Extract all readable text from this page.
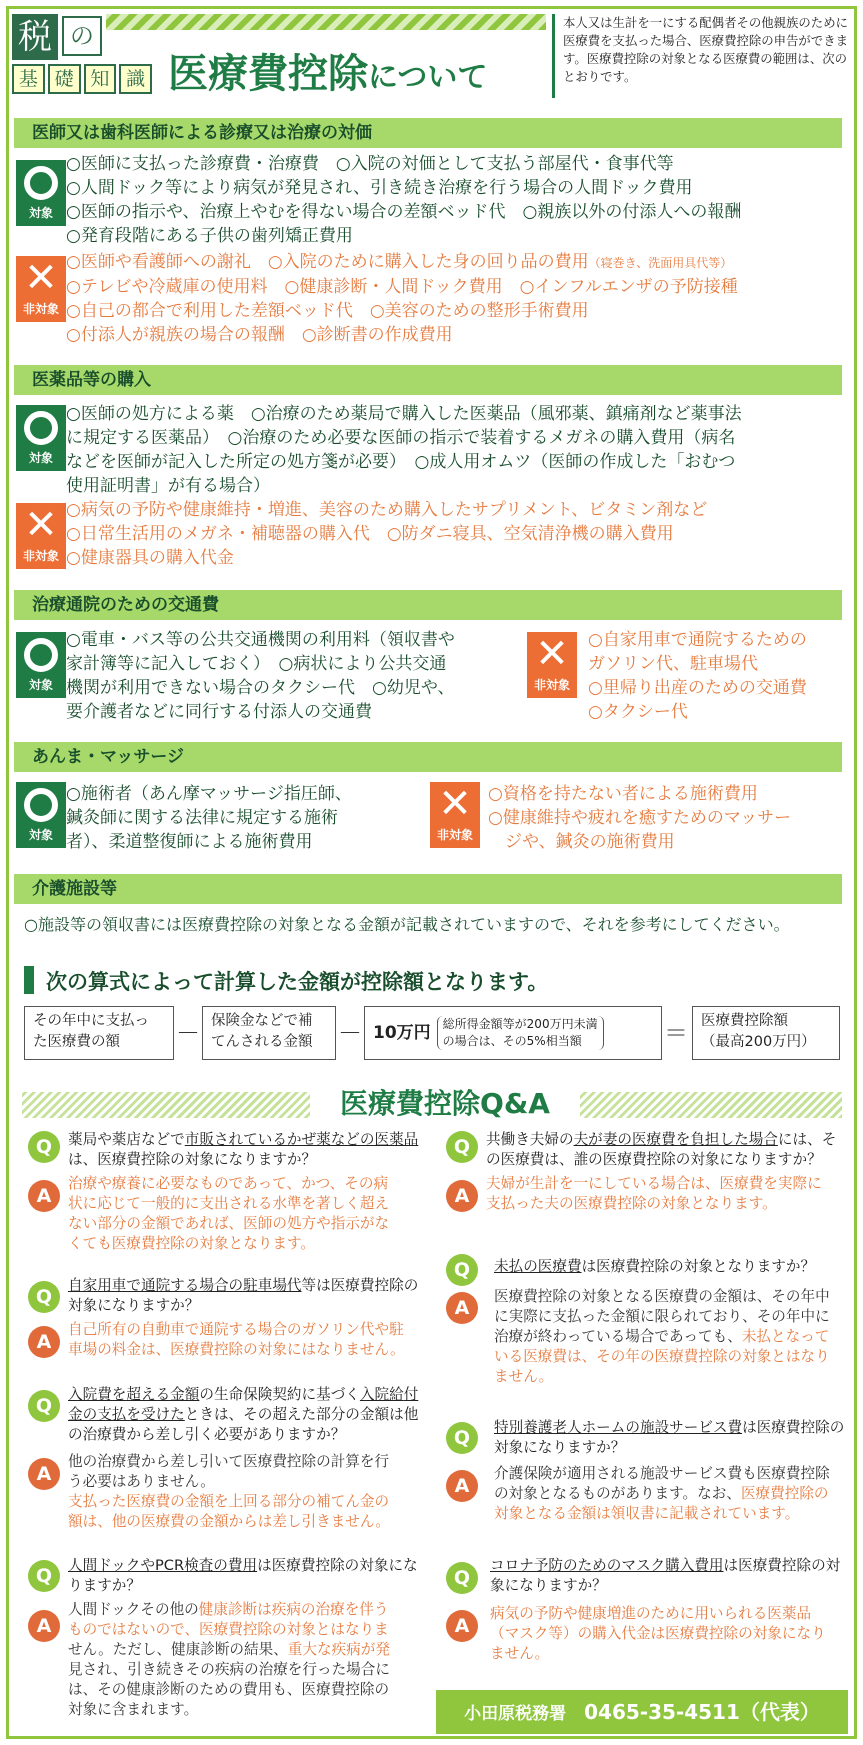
税 の
基 礎 知 識 医療費控除について
本人又は生計を一にする配偶者その他親族のために医療費を支払った場合、医療費控除の申告ができます。医療費控除の対象となる医療費の範囲は、次のとおりです。
医師又は歯科医師による診療又は治療の対価
対象
○医師に支払った診療費・治療費　○入院の対価として支払う部屋代・食事代等
○人間ドック等により病気が発見され、引き続き治療を行う場合の人間ドック費用
○医師の指示や、治療上やむを得ない場合の差額ベッド代　○親族以外の付添人への報酬
○発育段階にある子供の歯列矯正費用
✕
非対象
○医師や看護師への謝礼　○入院のために購入した身の回り品の費用（寝巻き、洗面用具代等）
○テレビや冷蔵庫の使用料　○健康診断・人間ドック費用　○インフルエンザの予防接種
○自己の都合で利用した差額ベッド代　○美容のための整形手術費用
○付添人が親族の場合の報酬　○診断書の作成費用
医薬品等の購入
対象
○医師の処方による薬　○治療のため薬局で購入した医薬品（風邪薬、鎮痛剤など薬事法
に規定する医薬品）　○治療のため必要な医師の指示で装着するメガネの購入費用（病名
などを医師が記入した所定の処方箋が必要）　○成人用オムツ（医師の作成した「おむつ
使用証明書」が有る場合）
✕
非対象
○病気の予防や健康維持・増進、美容のため購入したサプリメント、ビタミン剤など
○日常生活用のメガネ・補聴器の購入代　○防ダニ寝具、空気清浄機の購入費用
○健康器具の購入代金
治療通院のための交通費
対象
○電車・バス等の公共交通機関の利用料（領収書や
家計簿等に記入しておく）　○病状により公共交通
機関が利用できない場合のタクシー代　○幼児や、
要介護者などに同行する付添人の交通費
✕
非対象
○自家用車で通院するための
ガソリン代、駐車場代
○里帰り出産のための交通費
○タクシー代
あんま・マッサージ
対象
○施術者（あん摩マッサージ指圧師、
鍼灸師に関する法律に規定する施術
者）、柔道整復師による施術費用
✕
非対象
○資格を持たない者による施術費用
○健康維持や疲れを癒すためのマッサー
ジや、鍼灸の施術費用
介護施設等
○施設等の領収書には医療費控除の対象となる金額が記載されていますので、それを参考にしてください。
次の算式によって計算した金額が控除額となります。
その年中に支払っ
た医療費の額	－ 保険金などで補
てんされる金額	－ 10万円 総所得金額等が200万円未満
の場合は、その5%相当額	＝ 医療費控除額
（最高200万円）
医療費控除Q&A
Q	薬局や薬店などで市販されているかぜ薬などの医薬品は、医療費控除の対象になりますか？
A
治療や療養に必要なものであって、かつ、その病
状に応じて一般的に支出される水準を著しく超え
ない部分の金額であれば、医師の処方や指示がな
くても医療費控除の対象となります。
Q
自家用車で通院する場合の駐車場代等は医療費控除の対象になりますか？
A
自己所有の自動車で通院する場合のガソリン代や駐
車場の料金は、医療費控除の対象にはなりません。
Q
入院費を超える金額の生命保険契約に基づく入院給付金の支払を受けたときは、その超えた部分の金額は他の治療費から差し引く必要がありますか？
A
他の治療費から差し引いて医療費控除の計算を行
う必要はありません。
支払った医療費の金額を上回る部分の補てん金の
額は、他の医療費の金額からは差し引きません。
Q	人間ドックやPCR検査の費用は医療費控除の対象になりますか？
A
人間ドックその他の健康診断は疾病の治療を伴う
ものではないので、医療費控除の対象とはなりま
せん。ただし、健康診断の結果、重大な疾病が発
見され、引き続きその疾病の治療を行った場合に
は、その健康診断のための費用も、医療費控除の
対象に含まれます。
Q	共働き夫婦の夫が妻の医療費を負担した場合には、その医療費は、誰の医療費控除の対象になりますか？
A
夫婦が生計を一にしている場合は、医療費を実際に
支払った夫の医療費控除の対象となります。
Q	未払の医療費は医療費控除の対象となりますか？
A
医療費控除の対象となる医療費の金額は、その年中
に実際に支払った金額に限られており、その年中に
治療が終わっている場合であっても、未払となって
いる医療費は、その年の医療費控除の対象とはなり
ません。
Q	特別養護老人ホームの施設サービス費は医療費控除の対象になりますか？
A
介護保険が適用される施設サービス費も医療費控除
の対象となるものがあります。なお、医療費控除の
対象となる金額は領収書に記載されています。
Q
コロナ予防のためのマスク購入費用は医療費控除の対象になりますか？
A
病気の予防や健康増進のために用いられる医薬品
（マスク等）の購入代金は医療費控除の対象になり
ません。
小田原税務署 0465-35-4511（代表）
